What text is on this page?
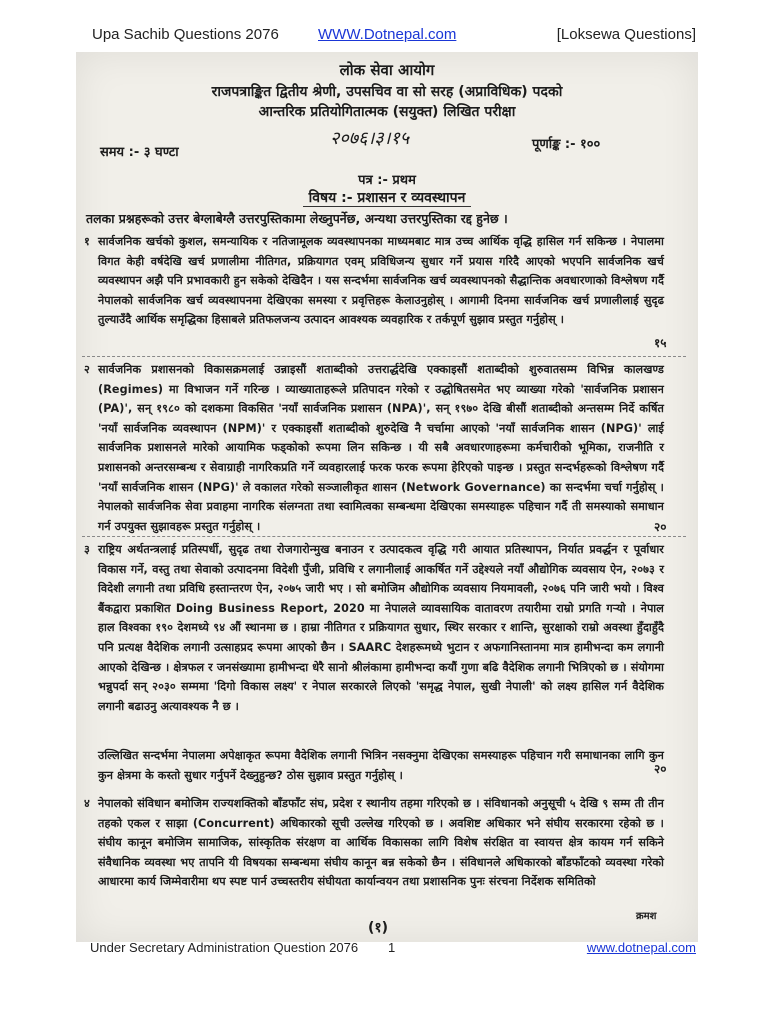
Upa Sachib Questions 2076	WWW.Dotnepal.com	[Loksewa Questions]
लोक सेवा आयोग
राजपत्राङ्कित द्वितीय श्रेणी, उपसचिव वा सो सरह (अप्राविधिक) पदको
आन्तरिक प्रतियोगितात्मक (सयुक्त) लिखित परीक्षा
२०७६।३।१५
समय :- ३ घण्टा
पूर्णाङ्क :- १००
पत्र :- प्रथम
विषय :- प्रशासन र व्यवस्थापन
तलका प्रश्नहरूको उत्तर बेग्लाबेग्लै उत्तरपुस्तिकामा लेख्नुपर्नेछ, अन्यथा उत्तरपुस्तिका रद्द हुनेछ ।
१ सार्वजनिक खर्चको कुशल, समन्यायिक र नतिजामूलक व्यवस्थापनका माध्यमबाट मात्र उच्च आर्थिक वृद्धि हासिल गर्न सकिन्छ । नेपालमा विगत केही वर्षदेखि खर्च प्रणालीमा नीतिगत, प्रक्रियागत एवम् प्रविधिजन्य सुधार गर्ने प्रयास गरिदै आएको भएपनि सार्वजनिक खर्च व्यवस्थापन अझै पनि प्रभावकारी हुन सकेको देखिदैन । यस सन्दर्भमा सार्वजनिक खर्च व्यवस्थापनको सैद्धान्तिक अवधारणाको विश्लेषण गर्दै नेपालको सार्वजनिक खर्च व्यवस्थापनमा देखिएका समस्या र प्रवृत्तिहरू केलाउनुहोस् । आगामी दिनमा सार्वजनिक खर्च प्रणालीलाई सुदृढ तुल्याउँदै आर्थिक समृद्धिका हिसाबले प्रतिफलजन्य उत्पादन आवश्यक व्यवहारिक र तर्कपूर्ण सुझाव प्रस्तुत गर्नुहोस् ।
१५
२ सार्वजनिक प्रशासनको विकासक्रमलाई उन्नाइसौं शताब्दीको उत्तरार्द्धदेखि एक्काइसौं शताब्दीको शुरुवातसम्म विभिन्न कालखण्ड (Regimes) मा विभाजन गर्ने गरिन्छ । व्याख्याताहरूले प्रतिपादन गरेको र उद्धोषितसमेत भए व्याख्या गरेको 'सार्वजनिक प्रशासन (PA)', सन् १९८० को दशकमा विकसित 'नयाँ सार्वजनिक प्रशासन (NPA)', सन् १९७० देखि बीसौं शताब्दीको अन्तसम्म निर्दे कर्षित 'नयाँ सार्वजनिक व्यवस्थापन (NPM)' र एक्काइसौं शताब्दीको शुरुदेखि नै चर्चामा आएको 'नयाँ सार्वजनिक शासन (NPG)' लाई सार्वजनिक प्रशासनले मारेको आयामिक फड्कोको रूपमा लिन सकिन्छ । यी सबै अवधारणाहरूमा कर्मचारीको भूमिका, राजनीति र प्रशासनको अन्तरसम्बन्ध र सेवाग्राही नागरिकप्रति गर्ने व्यवहारलाई फरक फरक रूपमा हेरिएको पाइन्छ । प्रस्तुत सन्दर्भहरूको विश्लेषण गर्दै 'नयाँ सार्वजनिक शासन (NPG)' ले वकालत गरेको सञ्जालीकृत शासन (Network Governance) का सन्दर्भमा चर्चा गर्नुहोस् । नेपालको सार्वजनिक सेवा प्रवाहमा नागरिक संलग्नता तथा स्वामित्वका सम्बन्धमा देखिएका समस्याहरू पहिचान गर्दै ती समस्याको समाधान गर्न उपयुक्त सुझावहरू प्रस्तुत गर्नुहोस् ।	२०
३ राष्ट्रिय अर्थतन्त्रलाई प्रतिस्पर्धी, सुदृढ तथा रोजगारोन्मुख बनाउन र उत्पादकत्व वृद्धि गरी आयात प्रतिस्थापन, निर्यात प्रवर्द्धन र पूर्वाधार विकास गर्ने, वस्तु तथा सेवाको उत्पादनमा विदेशी पुँजी, प्रविधि र लगानीलाई आकर्षित गर्ने उद्देश्यले नयाँ औद्योगिक व्यवसाय ऐन, २०७३ र विदेशी लगानी तथा प्रविधि हस्तान्तरण ऐन, २०७५ जारी भए । सो बमोजिम औद्योगिक व्यवसाय नियमावली, २०७६ पनि जारी भयो । विश्व बैंकद्वारा प्रकाशित Doing Business Report, 2020 मा नेपालले व्यावसायिक वातावरण तयारीमा राम्रो प्रगति गर्‍यो । नेपाल हाल विश्वका १९० देशमध्ये ९४ औं स्थानमा छ । हाम्रा नीतिगत र प्रक्रियागत सुधार, स्थिर सरकार र शान्ति, सुरक्षाको राम्रो अवस्था हुँदाहुँदै पनि प्रत्यक्ष वैदेशिक लगानी उत्साहप्रद रूपमा आएको छैन । SAARC देशहरूमध्ये भुटान र अफगानिस्तानमा मात्र हामीभन्दा कम लगानी आएको देखिन्छ । क्षेत्रफल र जनसंख्यामा हामीभन्दा धेरै सानो श्रीलंकामा हामीभन्दा कयौं गुणा बढि वैदेशिक लगानी भित्रिएको छ । संयोगमा भन्नुपर्दा सन् २०३० सम्ममा 'दिगो विकास लक्ष्य' र नेपाल सरकारले लिएको 'समृद्ध नेपाल, सुखी नेपाली' को लक्ष्य हासिल गर्न वैदेशिक लगानी बढाउनु अत्यावश्यक नै छ ।
उल्लिखित सन्दर्भमा नेपालमा अपेक्षाकृत रूपमा वैदेशिक लगानी भित्रिन नसक्नुमा देखिएका समस्याहरू पहिचान गरी समाधानका लागि कुन कुन क्षेत्रमा के कस्तो सुधार गर्नुपर्ने देख्नुहुन्छ? ठोस सुझाव प्रस्तुत गर्नुहोस् ।	२०
४ नेपालको संविधान बमोजिम राज्यशक्तिको बाँडफाँट संघ, प्रदेश र स्थानीय तहमा गरिएको छ । संविधानको अनुसूची ५ देखि ९ सम्म ती तीन तहको एकल र साझा (Concurrent) अधिकारको सूची उल्लेख गरिएको छ । अवशिष्ट अधिकार भने संघीय सरकारमा रहेको छ । संघीय कानून बमोजिम सामाजिक, सांस्कृतिक संरक्षण वा आर्थिक विकासका लागि विशेष संरक्षित वा स्वायत्त क्षेत्र कायम गर्न सकिने संवैधानिक व्यवस्था भए तापनि यी विषयका सम्बन्धमा संघीय कानून बन्न सकेको छैन । संविधानले अधिकारको बाँडफाँटको व्यवस्था गरेको आधारमा कार्य जिम्मेवारीमा थप स्पष्ट पार्न उच्चस्तरीय संघीयता कार्यान्वयन तथा प्रशासनिक पुनः संरचना निर्देशक समितिको
(१)
क्रमश
Under Secretary Administration Question 2076 1	www.dotnepal.com
